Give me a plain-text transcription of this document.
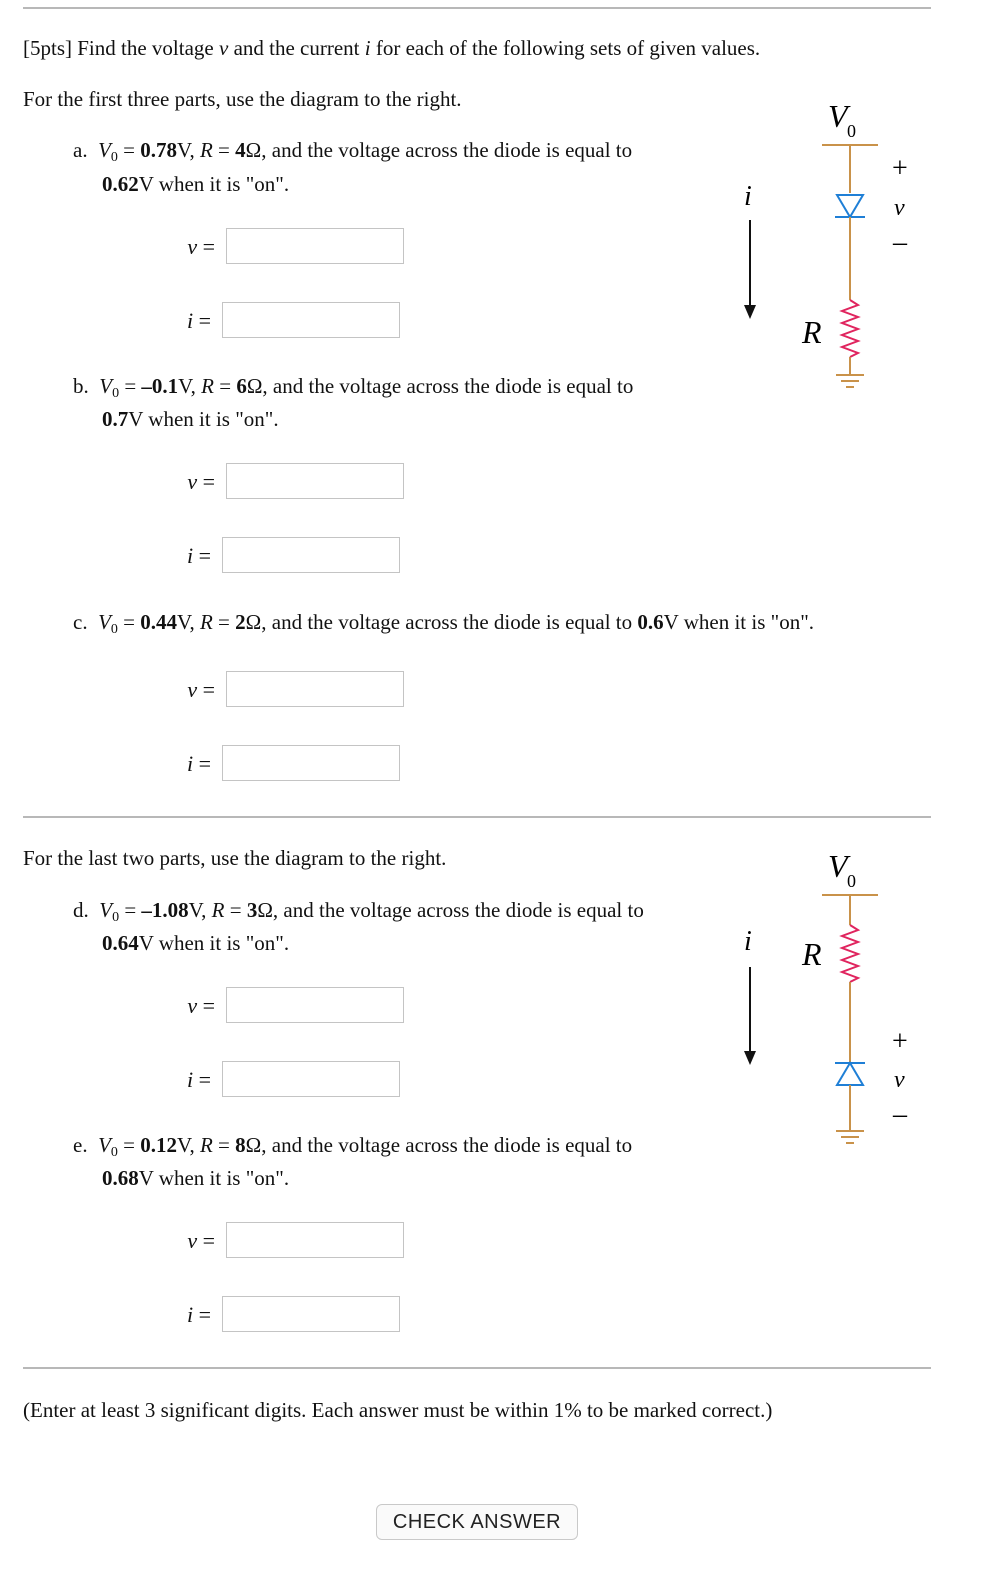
[5pts] Find the voltage v and the current i for each of the following sets of given values.
For the first three parts, use the diagram to the right.
a. $V_0 = 0.78V$, R = 4Ω, and the voltage across the diode is equal to
0.62V when it is "on".
v =
i =
b. $V_0 = -0.1V$, R = 6Ω, and the voltage across the diode is equal to
0.7V when it is "on".
v =
i =
c. $V_0 = 0.44V$, R = 2Ω, and the voltage across the diode is equal to 0.6V when it is "on".
v =
i =
For the last two parts, use the diagram to the right.
d. $V_0 = -1.08V$, R = 3Ω, and the voltage across the diode is equal to
0.64V when it is "on".
v =
i =
e. $V_0 = 0.12V$, R = 8Ω, and the voltage across the diode is equal to
0.68V when it is "on".
v =
i =
V 0
R
i
+
v
–
V 0
R
i
+
v
–
(Enter at least 3 significant digits. Each answer must be within 1% to be marked correct.)
CHECK ANSWER
